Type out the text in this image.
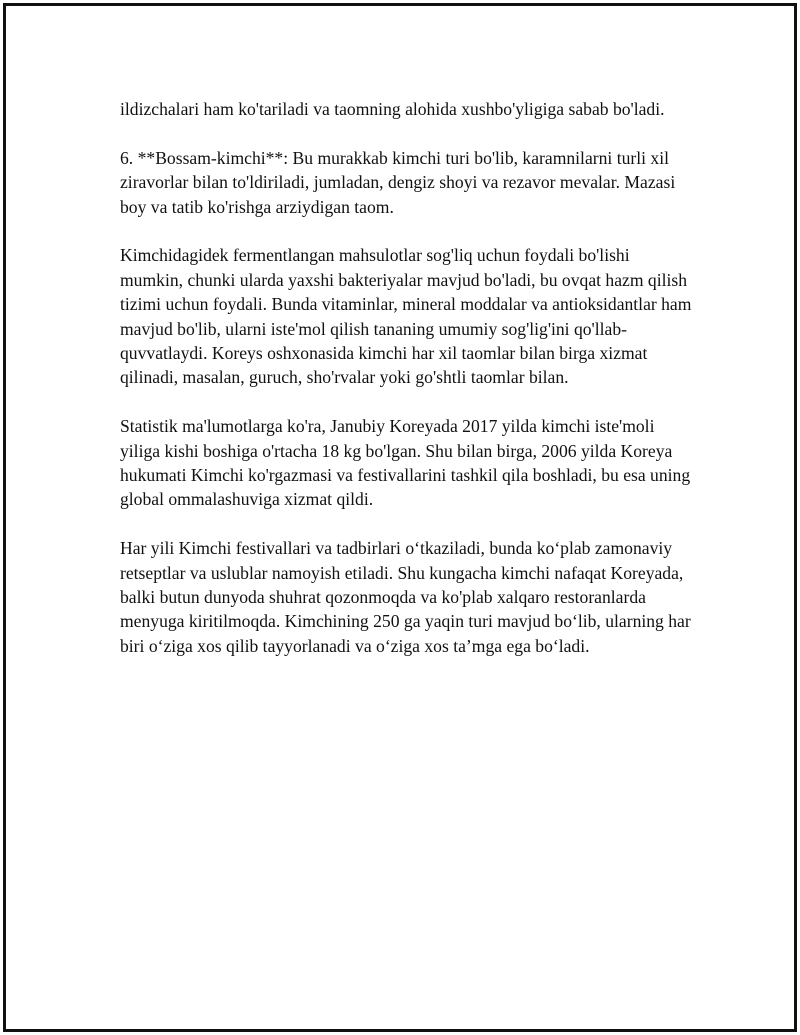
ildizchalari ham ko'tariladi va taomning alohida xushbo'yligiga sabab bo'ladi.

6. **Bossam-kimchi**: Bu murakkab kimchi turi bo'lib, karamnilarni turli xil ziravorlar bilan to'ldiriladi, jumladan, dengiz shoyi va rezavor mevalar. Mazasi boy va tatib ko'rishga arziydigan taom.

Kimchidagidek fermentlangan mahsulotlar sog'liq uchun foydali bo'lishi mumkin, chunki ularda yaxshi bakteriyalar mavjud bo'ladi, bu ovqat hazm qilish tizimi uchun foydali. Bunda vitaminlar, mineral moddalar va antioksidantlar ham mavjud bo'lib, ularni iste'mol qilish tananing umumiy sog'lig'ini qo'llab-quvvatlaydi. Koreys oshxonasida kimchi har xil taomlar bilan birga xizmat qilinadi, masalan, guruch, sho'rvalar yoki go'shtli taomlar bilan.

Statistik ma'lumotlarga ko'ra, Janubiy Koreyada 2017 yilda kimchi iste'moli yiliga kishi boshiga o'rtacha 18 kg bo'lgan. Shu bilan birga, 2006 yilda Koreya hukumati Kimchi ko'rgazmasi va festivallarini tashkil qila boshladi, bu esa uning global ommalashuviga xizmat qildi.

Har yili Kimchi festivallari va tadbirlari o‘tkaziladi, bunda ko‘plab zamonaviy retseptlar va uslublar namoyish etiladi. Shu kungacha kimchi nafaqat Koreyada, balki butun dunyoda shuhrat qozonmoqda va ko'plab xalqaro restoranlarda menyuga kiritilmoqda. Kimchining 250 ga yaqin turi mavjud bo‘lib, ularning har biri o‘ziga xos qilib tayyorlanadi va o‘ziga xos ta’mga ega bo‘ladi.
